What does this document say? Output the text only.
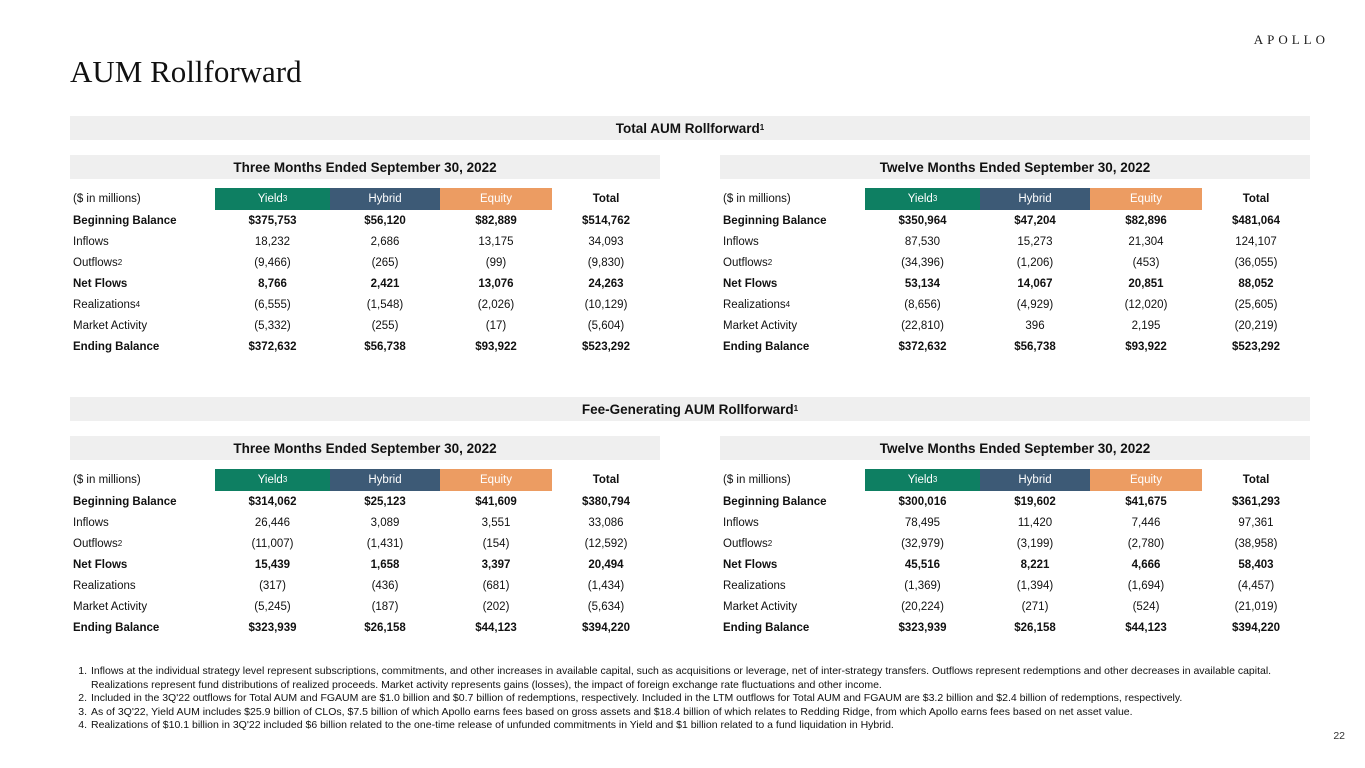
APOLLO
AUM Rollforward
Total AUM Rollforward 1
Three Months Ended September 30, 2022
($ in millions)	Yield 3	Hybrid	Equity	Total
Beginning Balance	$375,753	$56,120	$82,889	$514,762
Inflows	18,232	2,686	13,175	34,093
Outflows 2	(9,466)	(265)	(99)	(9,830)
Net Flows	8,766	2,421	13,076	24,263
Realizations 4	(6,555)	(1,548)	(2,026)	(10,129)
Market Activity	(5,332)	(255)	(17)	(5,604)
Ending Balance	$372,632	$56,738	$93,922	$523,292
Twelve Months Ended September 30, 2022
($ in millions)	Yield 3	Hybrid	Equity	Total
Beginning Balance	$350,964	$47,204	$82,896	$481,064
Inflows	87,530	15,273	21,304	124,107
Outflows 2	(34,396)	(1,206)	(453)	(36,055)
Net Flows	53,134	14,067	20,851	88,052
Realizations 4	(8,656)	(4,929)	(12,020)	(25,605)
Market Activity	(22,810)	396	2,195	(20,219)
Ending Balance	$372,632	$56,738	$93,922	$523,292
Fee-Generating AUM Rollforward 1
Three Months Ended September 30, 2022
($ in millions)	Yield 3	Hybrid	Equity	Total
Beginning Balance	$314,062	$25,123	$41,609	$380,794
Inflows	26,446	3,089	3,551	33,086
Outflows 2	(11,007)	(1,431)	(154)	(12,592)
Net Flows	15,439	1,658	3,397	20,494
Realizations	(317)	(436)	(681)	(1,434)
Market Activity	(5,245)	(187)	(202)	(5,634)
Ending Balance	$323,939	$26,158	$44,123	$394,220
Twelve Months Ended September 30, 2022
($ in millions)	Yield 3	Hybrid	Equity	Total
Beginning Balance	$300,016	$19,602	$41,675	$361,293
Inflows	78,495	11,420	7,446	97,361
Outflows 2	(32,979)	(3,199)	(2,780)	(38,958)
Net Flows	45,516	8,221	4,666	58,403
Realizations	(1,369)	(1,394)	(1,694)	(4,457)
Market Activity	(20,224)	(271)	(524)	(21,019)
Ending Balance	$323,939	$26,158	$44,123	$394,220
1. Inflows at the individual strategy level represent subscriptions, commitments, and other increases in available capital, such as acquisitions or leverage, net of inter-strategy transfers. Outflows represent redemptions and other decreases in available capital. Realizations represent fund distributions of realized proceeds. Market activity represents gains (losses), the impact of foreign exchange rate fluctuations and other income.
2. Included in the 3Q'22 outflows for Total AUM and FGAUM are $1.0 billion and $0.7 billion of redemptions, respectively. Included in the LTM outflows for Total AUM and FGAUM are $3.2 billion and $2.4 billion of redemptions, respectively.
3. As of 3Q'22, Yield AUM includes $25.9 billion of CLOs, $7.5 billion of which Apollo earns fees based on gross assets and $18.4 billion of which relates to Redding Ridge, from which Apollo earns fees based on net asset value.
4. Realizations of $10.1 billion in 3Q'22 included $6 billion related to the one-time release of unfunded commitments in Yield and $1 billion related to a fund liquidation in Hybrid.
22
